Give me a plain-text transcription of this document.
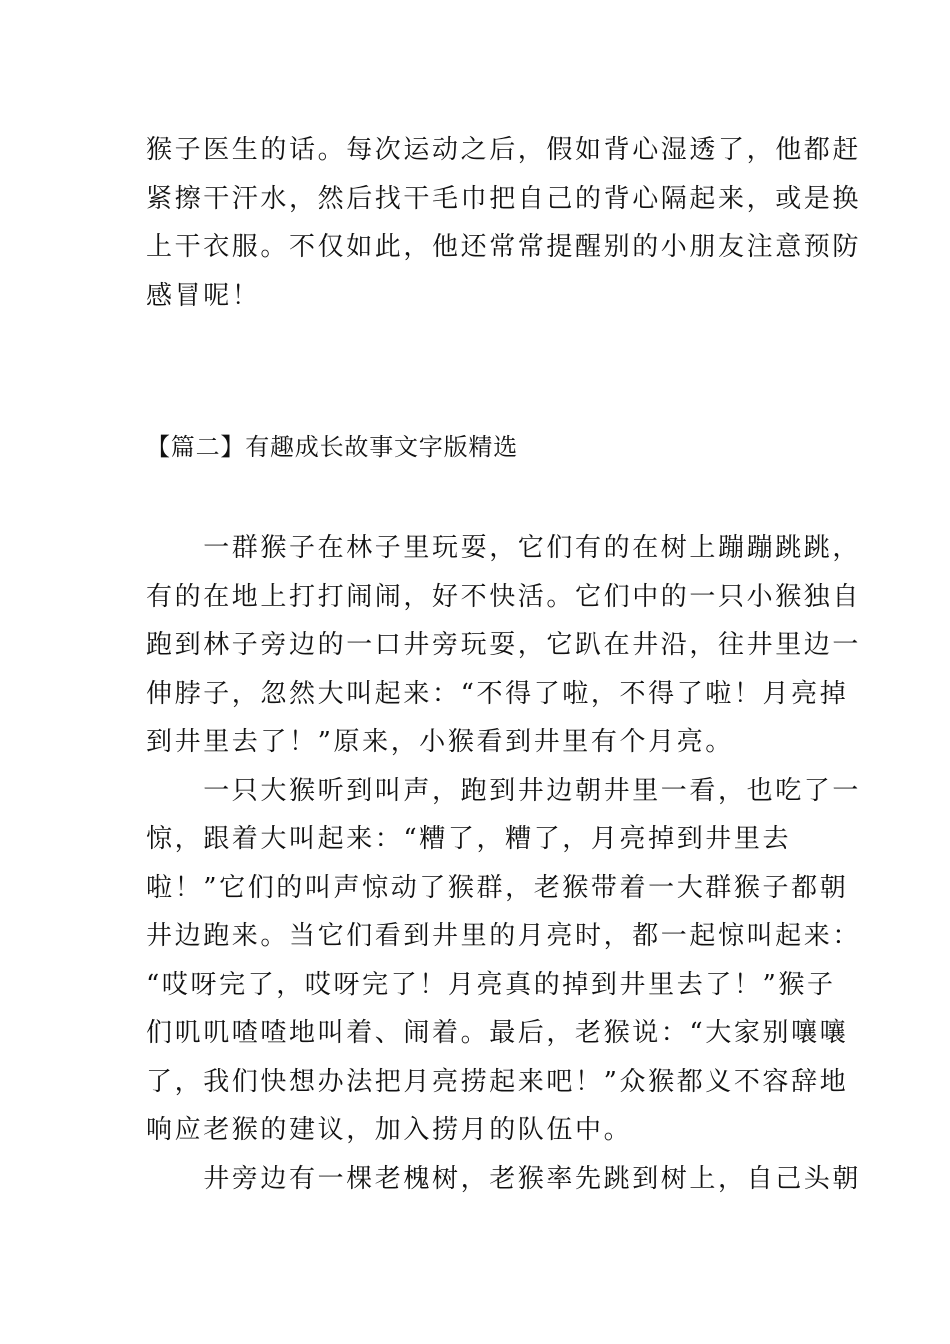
猴子医生的话。每次运动之后，假如背心湿透了，他都赶
紧擦干汗水，然后找干毛巾把自己的背心隔起来，或是换
上干衣服。不仅如此，他还常常提醒别的小朋友注意预防
感冒呢！
【篇二】有趣成长故事文字版精选
　　一群猴子在林子里玩耍，它们有的在树上蹦蹦跳跳，
有的在地上打打闹闹，好不快活。它们中的一只小猴独自
跑到林子旁边的一口井旁玩耍，它趴在井沿，往井里边一
伸脖子，忽然大叫起来：“不得了啦，不得了啦！月亮掉
到井里去了！”原来，小猴看到井里有个月亮。
　　一只大猴听到叫声，跑到井边朝井里一看，也吃了一
惊，跟着大叫起来：“糟了，糟了，月亮掉到井里去
啦！”它们的叫声惊动了猴群，老猴带着一大群猴子都朝
井边跑来。当它们看到井里的月亮时，都一起惊叫起来：
“哎呀完了，哎呀完了！月亮真的掉到井里去了！”猴子
们叽叽喳喳地叫着、闹着。最后，老猴说：“大家别嚷嚷
了，我们快想办法把月亮捞起来吧！”众猴都义不容辞地
响应老猴的建议，加入捞月的队伍中。
　　井旁边有一棵老槐树，老猴率先跳到树上，自己头朝
